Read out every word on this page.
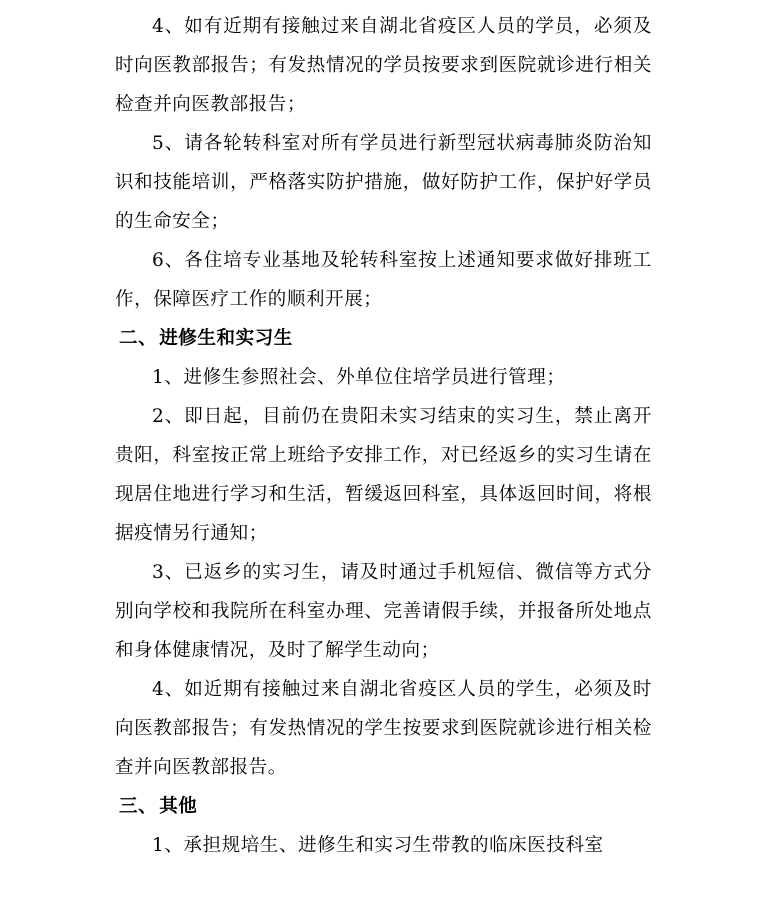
4、如有近期有接触过来自湖北省疫区人员的学员，必须及时向医教部报告；有发热情况的学员按要求到医院就诊进行相关检查并向医教部报告；

5、请各轮转科室对所有学员进行新型冠状病毒肺炎防治知识和技能培训，严格落实防护措施，做好防护工作，保护好学员的生命安全；

6、各住培专业基地及轮转科室按上述通知要求做好排班工作，保障医疗工作的顺利开展；

二、 进修生和实习生

1、进修生参照社会、外单位住培学员进行管理；

2、即日起，目前仍在贵阳未实习结束的实习生，禁止离开贵阳，科室按正常上班给予安排工作，对已经返乡的实习生请在现居住地进行学习和生活，暂缓返回科室，具体返回时间，将根据疫情另行通知；

3、已返乡的实习生，请及时通过手机短信、微信等方式分别向学校和我院所在科室办理、完善请假手续，并报备所处地点和身体健康情况，及时了解学生动向；

4、如近期有接触过来自湖北省疫区人员的学生，必须及时向医教部报告；有发热情况的学生按要求到医院就诊进行相关检查并向医教部报告。

三、 其他

1、承担规培生、进修生和实习生带教的临床医技科室
